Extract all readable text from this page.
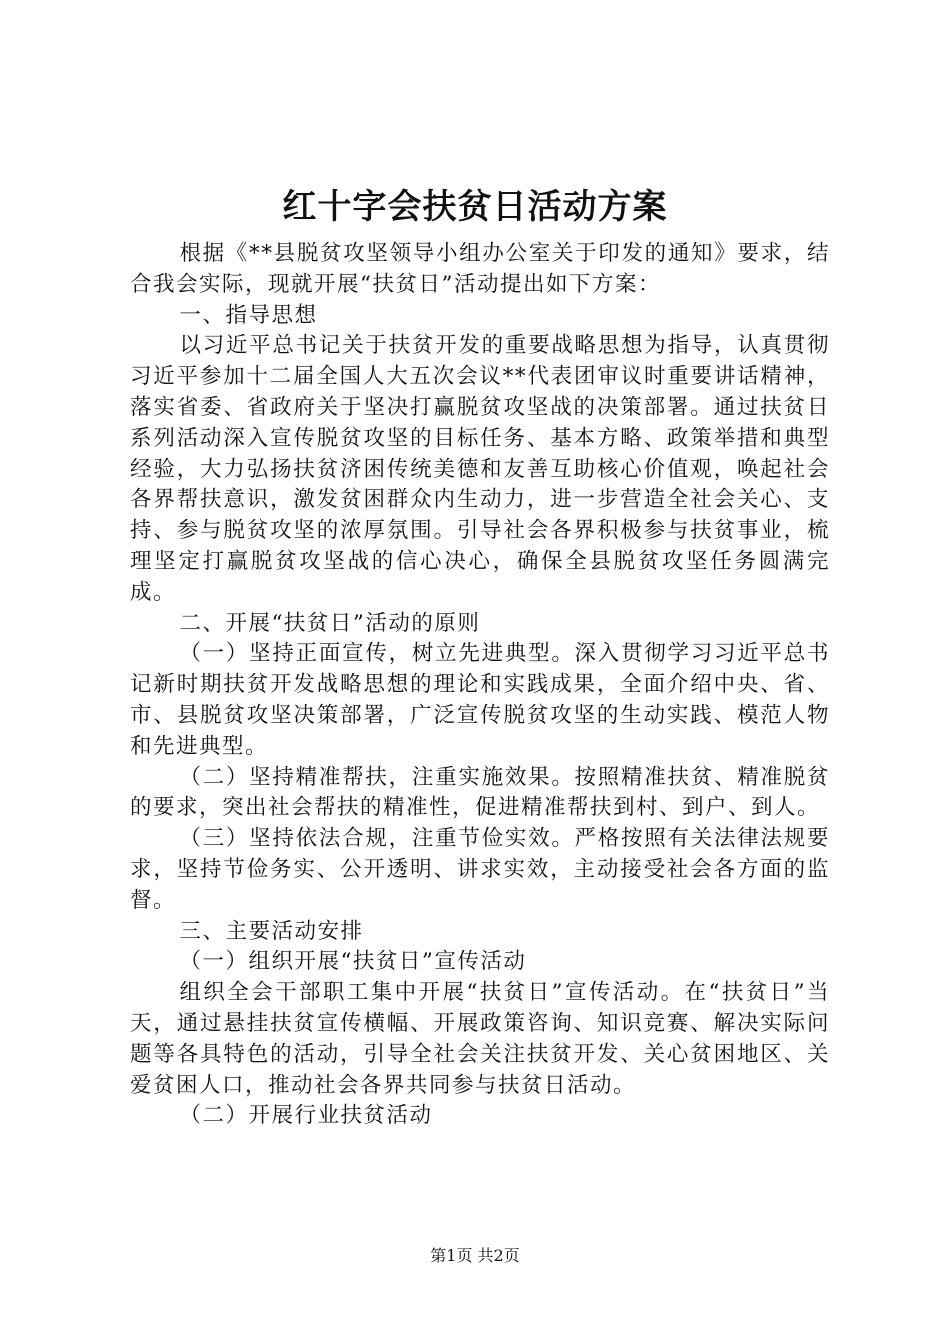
红十字会扶贫日活动方案

根据《**县脱贫攻坚领导小组办公室关于印发的通知》要求，结合我会实际，现就开展“扶贫日”活动提出如下方案：

一、指导思想

以习近平总书记关于扶贫开发的重要战略思想为指导，认真贯彻习近平参加十二届全国人大五次会议**代表团审议时重要讲话精神，落实省委、省政府关于坚决打赢脱贫攻坚战的决策部署。通过扶贫日系列活动深入宣传脱贫攻坚的目标任务、基本方略、政策举措和典型经验，大力弘扬扶贫济困传统美德和友善互助核心价值观，唤起社会各界帮扶意识，激发贫困群众内生动力，进一步营造全社会关心、支持、参与脱贫攻坚的浓厚氛围。引导社会各界积极参与扶贫事业，梳理坚定打赢脱贫攻坚战的信心决心，确保全县脱贫攻坚任务圆满完成。

二、开展“扶贫日”活动的原则

（一）坚持正面宣传，树立先进典型。深入贯彻学习习近平总书记新时期扶贫开发战略思想的理论和实践成果，全面介绍中央、省、市、县脱贫攻坚决策部署，广泛宣传脱贫攻坚的生动实践、模范人物和先进典型。

（二）坚持精准帮扶，注重实施效果。按照精准扶贫、精准脱贫的要求，突出社会帮扶的精准性，促进精准帮扶到村、到户、到人。

（三）坚持依法合规，注重节俭实效。严格按照有关法律法规要求，坚持节俭务实、公开透明、讲求实效，主动接受社会各方面的监督。

三、主要活动安排

（一）组织开展“扶贫日”宣传活动

组织全会干部职工集中开展“扶贫日”宣传活动。在“扶贫日”当天，通过悬挂扶贫宣传横幅、开展政策咨询、知识竞赛、解决实际问题等各具特色的活动，引导全社会关注扶贫开发、关心贫困地区、关爱贫困人口，推动社会各界共同参与扶贫日活动。

（二）开展行业扶贫活动

第1页 共2页
